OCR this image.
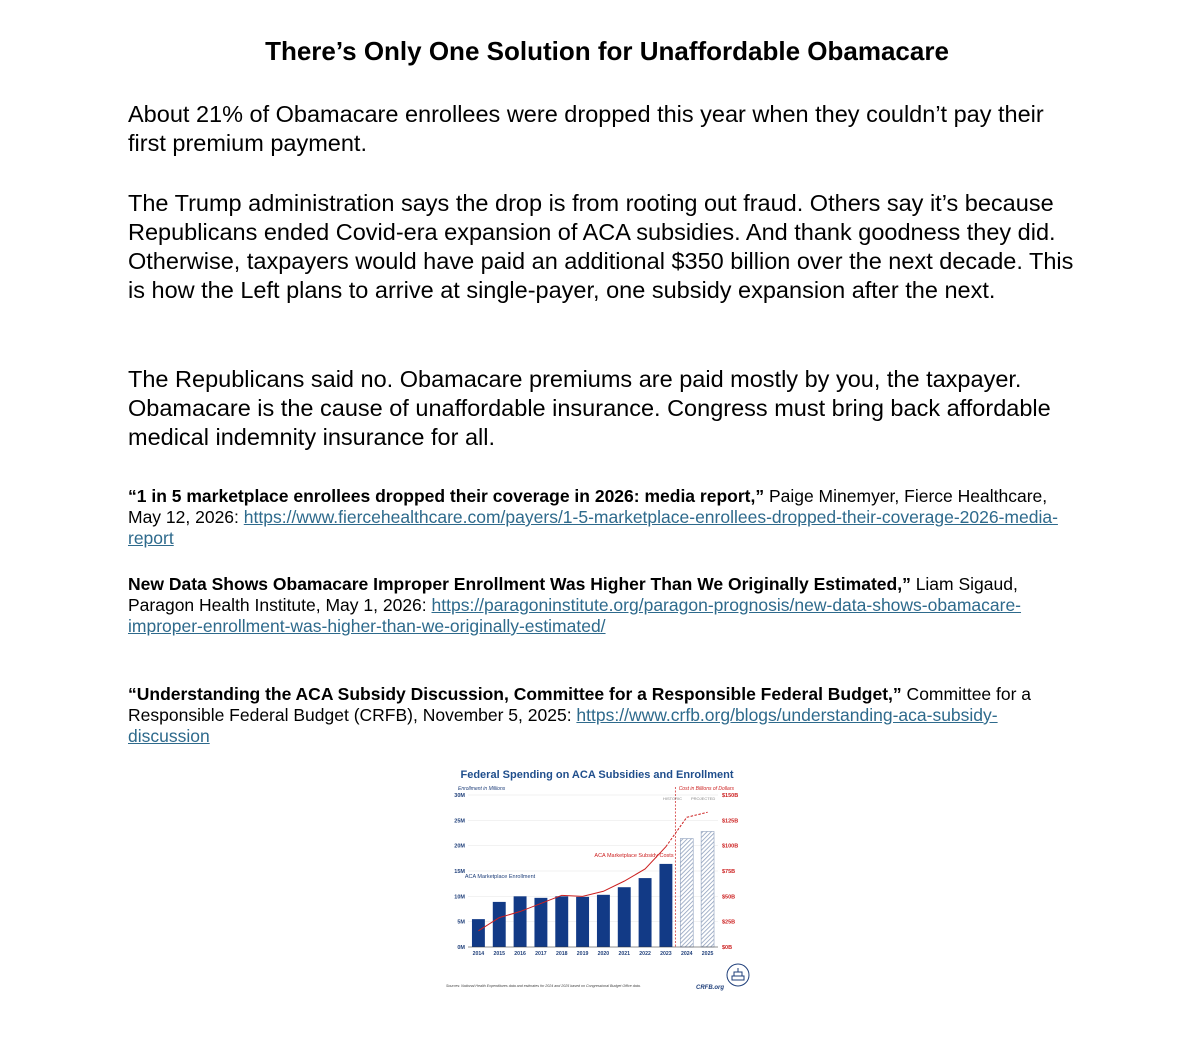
There’s Only One Solution for Unaffordable Obamacare

About 21% of Obamacare enrollees were dropped this year when they couldn’t pay their first premium payment.

The Trump administration says the drop is from rooting out fraud. Others say it’s because Republicans ended Covid-era expansion of ACA subsidies. And thank goodness they did. Otherwise, taxpayers would have paid an additional $350 billion over the next decade. This is how the Left plans to arrive at single-payer, one subsidy expansion after the next.

The Republicans said no. Obamacare premiums are paid mostly by you, the taxpayer. Obamacare is the cause of unaffordable insurance. Congress must bring back affordable medical indemnity insurance for all.

“1 in 5 marketplace enrollees dropped their coverage in 2026: media report,” Paige Minemyer, Fierce Healthcare, May 12, 2026: https://www.fiercehealthcare.com/payers/1-5-marketplace-enrollees-dropped-their-coverage-2026-media-report

New Data Shows Obamacare Improper Enrollment Was Higher Than We Originally Estimated,” Liam Sigaud, Paragon Health Institute, May 1, 2026: https://paragoninstitute.org/paragon-prognosis/new-data-shows-obamacare-improper-enrollment-was-higher-than-we-originally-estimated/

“Understanding the ACA Subsidy Discussion, Committee for a Responsible Federal Budget,” Committee for a Responsible Federal Budget (CRFB), November 5, 2025: https://www.crfb.org/blogs/understanding-aca-subsidy-discussion

Federal Spending on ACA Subsidies and Enrollment
Enrollment in Millions	Cost in Billions of Dollars
Sources: National Health Expenditures data and estimates for 2024 and 2025 based on Congressional Budget Office data.	CRFB.org
0M	$0B
5M	$25B
10M	$50B
15M	$75B
20M	$100B
25M	$125B
30M	$150B
2014 2015 2016 2017 2018 2019 2020 2021 2022 2023 2024 2025
ACA Marketplace Enrollment
ACA Marketplace Subsidy Costs
HISTORIC PROJECTED
